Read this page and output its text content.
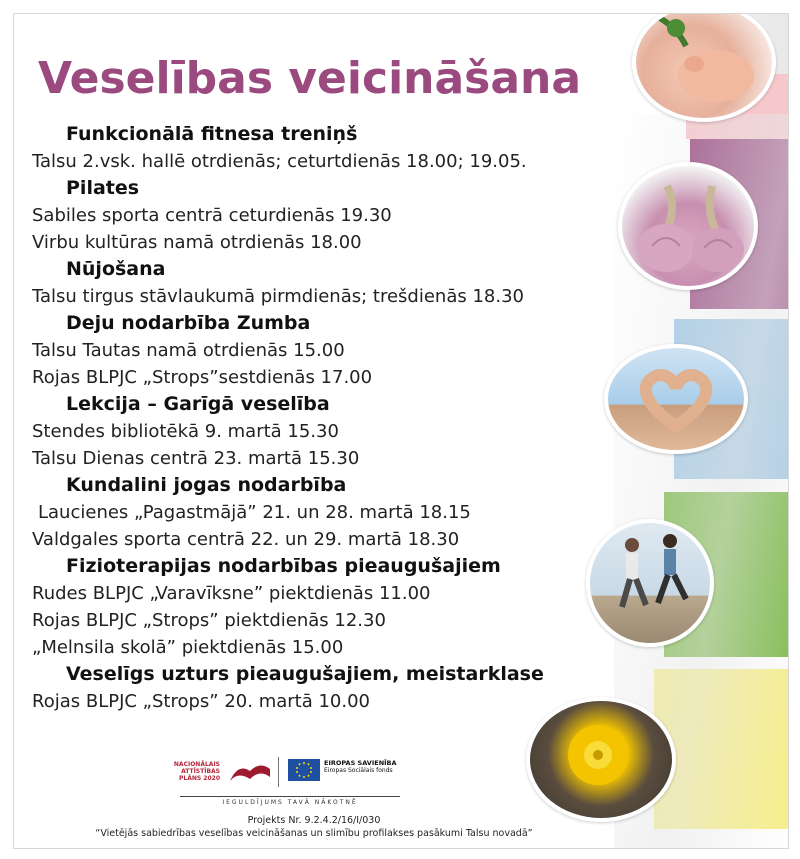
Veselības veicināšana
Funkcionālā fitnesa treniņš
Talsu 2.vsk. hallē otrdienās; ceturtdienās 18.00; 19.05.
Pilates
Sabiles sporta centrā ceturdienās 19.30
Virbu kultūras namā otrdienās 18.00
Nūjošana
Talsu tirgus stāvlaukumā pirmdienās; trešdienās 18.30
Deju nodarbība Zumba
Talsu Tautas namā otrdienās 15.00
Rojas BLPJC „Strops”sestdienās 17.00
Lekcija – Garīgā veselība
Stendes bibliotēkā 9. martā 15.30
Talsu Dienas centrā 23. martā 15.30
Kundalini jogas nodarbība
Laucienes „Pagastmājā” 21. un 28. martā 18.15
Valdgales sporta centrā 22. un 29. martā 18.30
Fizioterapijas nodarbības pieaugušajiem
Rudes BLPJC „Varavīksne” piektdienās 11.00
Rojas BLPJC „Strops” piektdienās 12.30
„Melnsila skolā” piektdienās 15.00
Veselīgs uzturs pieaugušajiem, meistarklase
Rojas BLPJC „Strops” 20. martā 10.00
NACIONĀLAIS ATTĪSTĪBAS PLĀNS 2020
EIROPAS SAVIENĪBA
Eiropas Sociālais fonds
IEGULDĪJUMS TAVĀ NĀKOTNĒ
Projekts Nr. 9.2.4.2/16/I/030
“Vietējās sabiedrības veselības veicināšanas un slimību profilakses pasākumi Talsu novadā”
